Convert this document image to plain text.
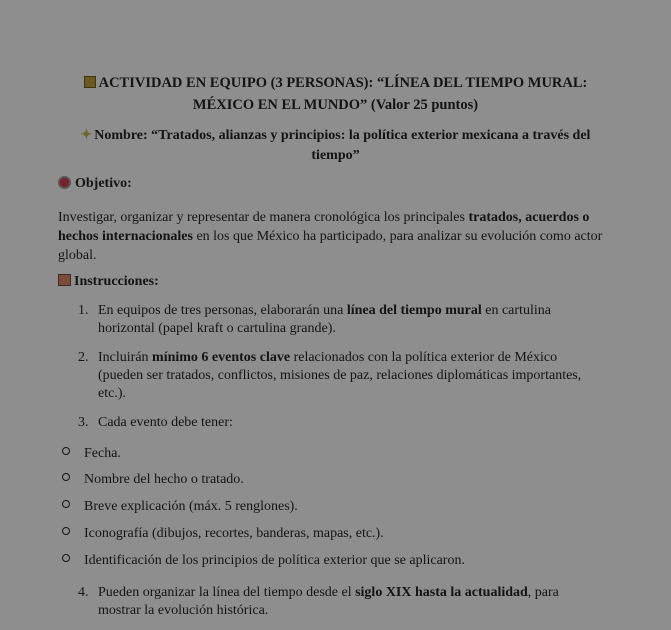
ACTIVIDAD EN EQUIPO (3 PERSONAS): “LÍNEA DEL TIEMPO MURAL:
MÉXICO EN EL MUNDO” (Valor 25 puntos)
✦ Nombre: “Tratados, alianzas y principios: la política exterior mexicana a través del
tiempo”
Objetivo:
Investigar, organizar y representar de manera cronológica los principales tratados, acuerdos o
hechos internacionales en los que México ha participado, para analizar su evolución como actor
global.
Instrucciones:
1. En equipos de tres personas, elaborarán una línea del tiempo mural en cartulina
horizontal (papel kraft o cartulina grande).
2. Incluirán mínimo 6 eventos clave relacionados con la política exterior de México
(pueden ser tratados, conflictos, misiones de paz, relaciones diplomáticas importantes,
etc.).
3. Cada evento debe tener:
4. Pueden organizar la línea del tiempo desde el siglo XIX hasta la actualidad, para
mostrar la evolución histórica.
Fecha.
Nombre del hecho o tratado.
Breve explicación (máx. 5 renglones).
Iconografía (dibujos, recortes, banderas, mapas, etc.).
Identificación de los principios de política exterior que se aplicaron.
